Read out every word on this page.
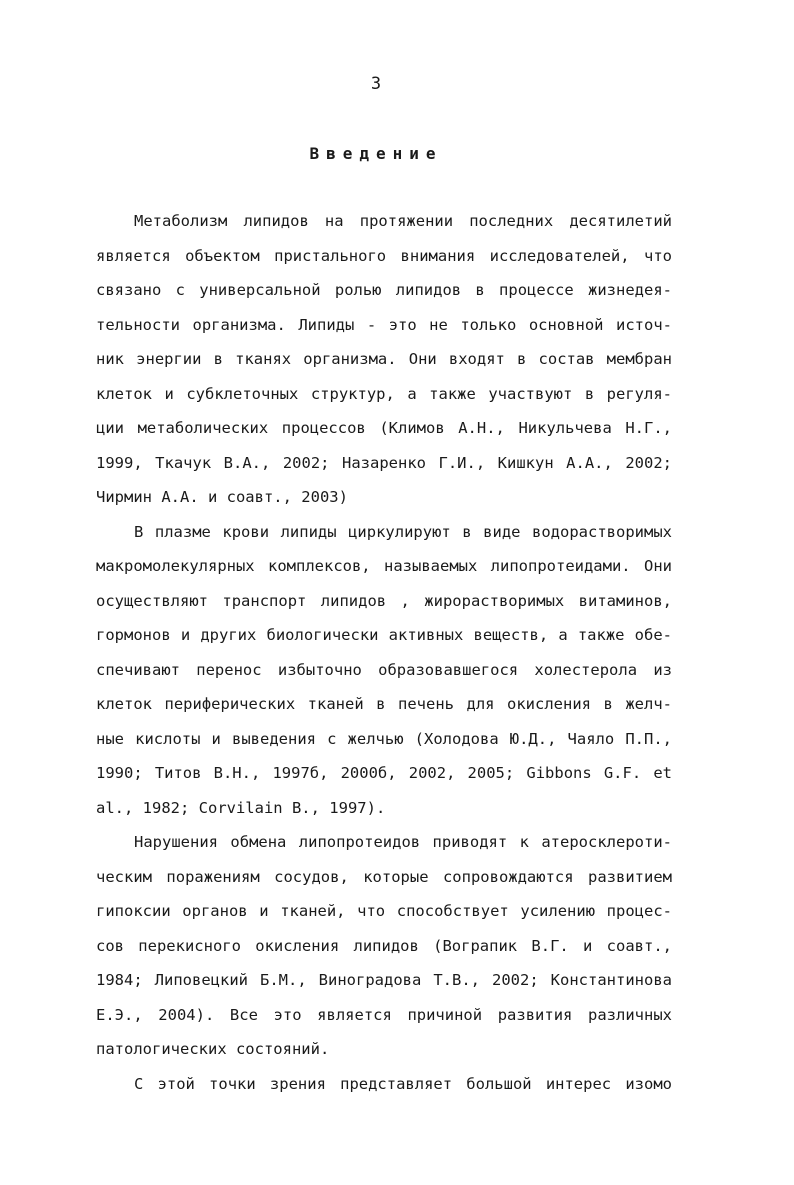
3
Введение
Метаболизм липидов на протяжении последних десятилетий
является объектом пристального внимания исследователей, что
связано с универсальной ролью липидов в процессе жизнедея-
тельности организма. Липиды - это не только основной источ-
ник энергии в тканях организма. Они входят в состав мембран
клеток и субклеточных структур, а также участвуют в регуля-
ции метаболических процессов (Климов А.Н., Никульчева Н.Г.,
1999, Ткачук В.А., 2002; Назаренко Г.И., Кишкун А.А., 2002;
Чирмин А.А. и соавт., 2003)
В плазме крови липиды циркулируют в виде водорастворимых
макромолекулярных комплексов, называемых липопротеидами. Они
осуществляют транспорт липидов , жирорастворимых витаминов,
гормонов и других биологически активных веществ, а также обе-
спечивают перенос избыточно образовавшегося холестерола из
клеток периферических тканей в печень для окисления в желч-
ные кислоты и выведения с желчью (Холодова Ю.Д., Чаяло П.П.,
1990; Титов В.Н., 1997б, 2000б, 2002, 2005; Gibbons G.F. et
al., 1982; Corvilain B., 1997).
Нарушения обмена липопротеидов приводят к атеросклероти-
ческим поражениям сосудов, которые сопровождаются развитием
гипоксии органов и тканей, что способствует усилению процес-
сов перекисного окисления липидов (Вограпик В.Г. и соавт.,
1984; Липовецкий Б.М., Виноградова Т.В., 2002; Константинова
Е.Э., 2004). Все это является причиной развития различных
патологических состояний.
С этой точки зрения представляет большой интерес изомо
